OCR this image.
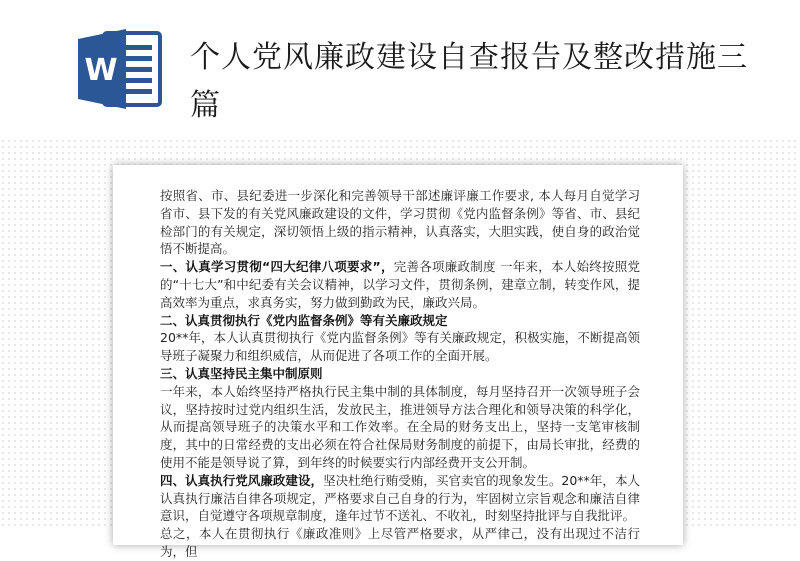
W 个人党风廉政建设自查报告及整改措施三篇

按照省、市、县纪委进一步深化和完善领导干部述廉评廉工作要求, 本人每月自觉学习省市、县下发的有关党风廉政建设的文件，学习贯彻《党内监督条例》等省、市、县纪检部门的有关规定，深切领悟上级的指示精神，认真落实，大胆实践，使自身的政治觉悟不断提高。

一、认真学习贯彻“四大纪律八项要求”，完善各项廉政制度 一年来，本人始终按照党的“十七大”和中纪委有关会议精神，以学习文件，贯彻条例，建章立制，转变作风，提高效率为重点，求真务实，努力做到勤政为民，廉政兴局。

二、认真贯彻执行《党内监督条例》等有关廉政规定

20**年，本人认真贯彻执行《党内监督条例》等有关廉政规定，积极实施，不断提高领导班子凝聚力和组织威信，从而促进了各项工作的全面开展。

三、认真坚持民主集中制原则

一年来，本人始终坚持严格执行民主集中制的具体制度，每月坚持召开一次领导班子会议，坚持按时过党内组织生活，发放民主，推进领导方法合理化和领导决策的科学化，从而提高领导班子的决策水平和工作效率。在全局的财务支出上，坚持一支笔审核制度，其中的日常经费的支出必须在符合社保局财务制度的前提下，由局长审批，经费的使用不能是领导说了算，到年终的时候要实行内部经费开支公开制。

四、认真执行党风廉政建设，坚决杜绝行贿受贿，买官卖官的现象发生。20**年，本人认真执行廉洁自律各项规定，严格要求自己自身的行为，牢固树立宗旨观念和廉洁自律意识，自觉遵守各项规章制度，逢年过节不送礼、不收礼，时刻坚持批评与自我批评。

总之，本人在贯彻执行《廉政准则》上尽管严格要求，从严律己，没有出现过不洁行为，但
